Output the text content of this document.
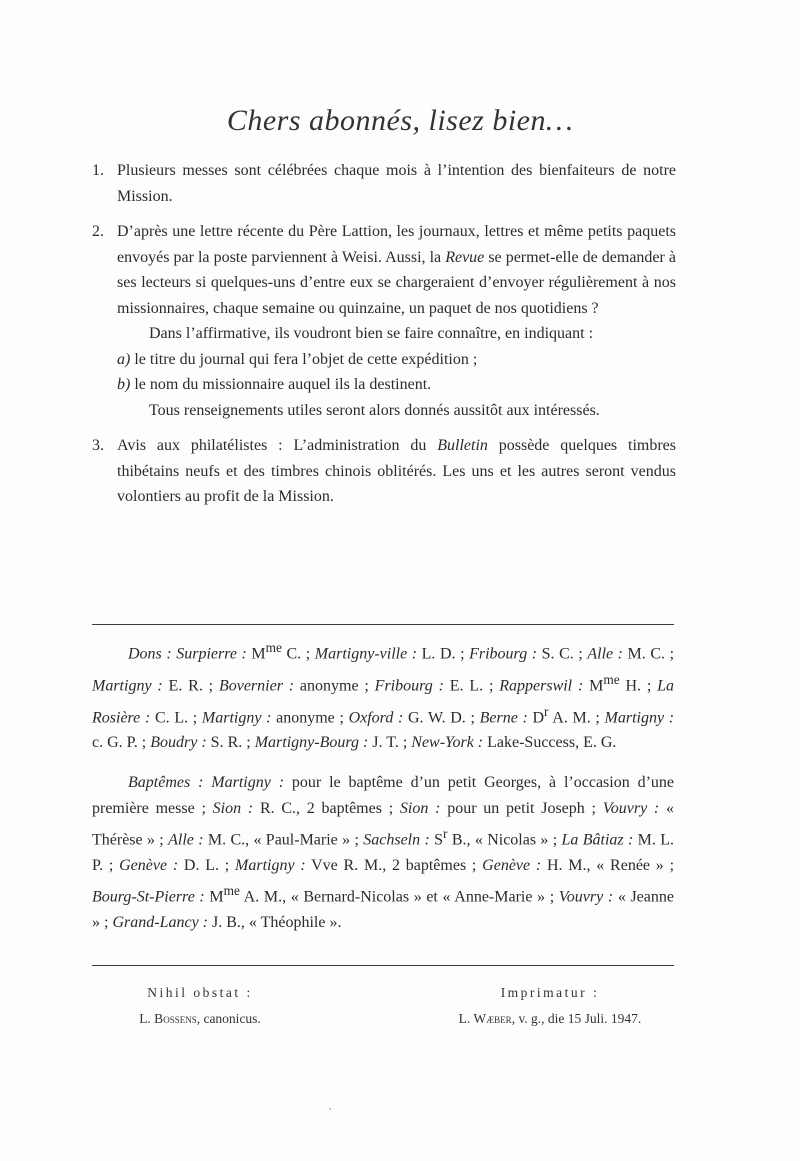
Chers abonnés, lisez bien…
1. Plusieurs messes sont célébrées chaque mois à l’intention des bienfaiteurs de notre Mission.

2. D’après une lettre récente du Père Lattion, les journaux, lettres et même petits paquets envoyés par la poste parviennent à Weisi. Aussi, la Revue se permet-elle de demander à ses lecteurs si quelques-uns d’entre eux se chargeraient d’envoyer régulièrement à nos missionnaires, chaque semaine ou quinzaine, un paquet de nos quotidiens ?

Dans l’affirmative, ils voudront bien se faire connaître, en indiquant :

a) le titre du journal qui fera l’objet de cette expédition ;

b) le nom du missionnaire auquel ils la destinent.

Tous renseignements utiles seront alors donnés aussitôt aux intéressés.

3. Avis aux philatélistes : L’administration du Bulletin possède quelques timbres thibétains neufs et des timbres chinois oblitérés. Les uns et les autres seront vendus volontiers au profit de la Mission.

Dons : Surpierre : $M^{me}$ C. ; Martigny-ville : L. D. ; Fribourg : S. C. ; Alle : M. C. ; Martigny : E. R. ; Bovernier : anonyme ; Fribourg : E. L. ; Rapperswil : $M^{me}$ H. ; La Rosière : C. L. ; Martigny : anonyme ; Oxford : G. W. D. ; Berne : $D^r$ A. M. ; Martigny : c. G. P. ; Boudry : S. R. ; Martigny-Bourg : J. T. ; New-York : Lake-Success, E. G.

Baptêmes : Martigny : pour le baptême d’un petit Georges, à l’occasion d’une première messe ; Sion : R. C., 2 baptêmes ; Sion : pour un petit Joseph ; Vouvry : « Thérèse » ; Alle : M. C., « Paul-Marie » ; Sachseln : $S^r$ B., « Nicolas » ; La Bâtiaz : M. L. P. ; Genève : D. L. ; Martigny : Vve R. M., 2 baptêmes ; Genève : H. M., « Renée » ; Bourg-St-Pierre : $M^{me}$ A. M., « Bernard-Nicolas » et « Anne-Marie » ; Vouvry : « Jeanne » ; Grand-Lancy : J. B., « Théophile ».

Nihil obstat :
L. Bossens, canonicus.
Imprimatur :
L. Wæber, v. g., die 15 Juli. 1947.
